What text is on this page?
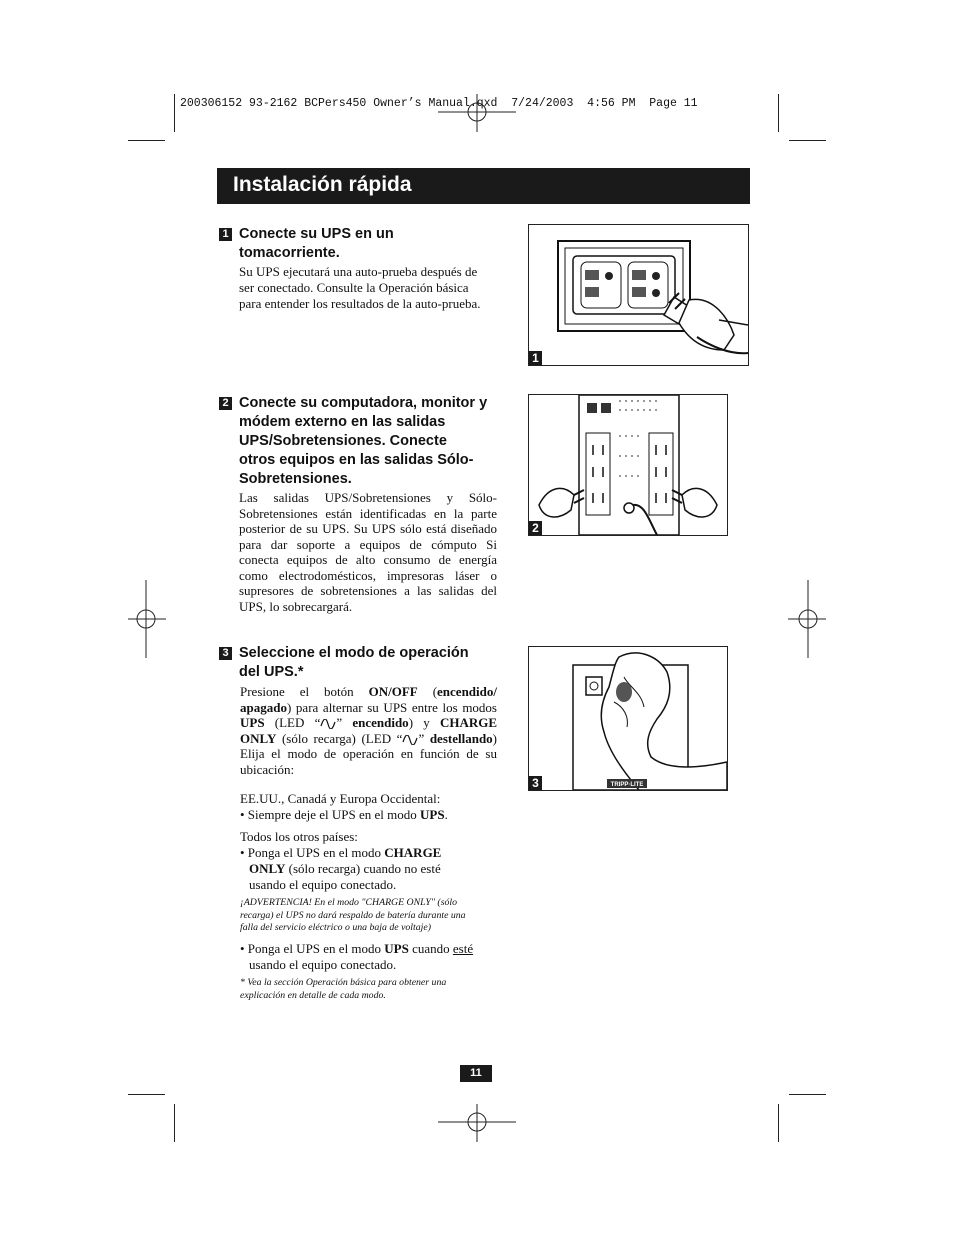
200306152 93-2162 BCPers450 Owner’s Manual.qxd  7/24/2003  4:56 PM  Page 11
Instalación rápida
1 Conecte su UPS en un
tomacorriente.
Su UPS ejecutará una auto-prueba después de
ser conectado. Consulte la Operación básica
para entender los resultados de la auto-prueba.
1
2 Conecte su computadora, monitor y
módem externo en las salidas
UPS/Sobretensiones. Conecte
otros equipos en las salidas Sólo-
Sobretensiones.
Las salidas UPS/Sobretensiones y Sólo-
Sobretensiones están identificadas en la parte
posterior de su UPS. Su UPS sólo está diseñado
para dar soporte a equipos de cómputo Si
conecta equipos de alto consumo de energía
como electrodomésticos, impresoras láser o
supresores de sobretensiones a las salidas del
UPS, lo sobrecargará.
2
3 Seleccione el modo de operación
del UPS.*
Presione el botón ON/OFF (encendido/ apagado) para alternar su UPS entre los modos UPS (LED “ ” encendido) y CHARGE ONLY (sólo recarga) (LED “ ” destellando) Elija el modo de operación en función de su ubicación:
EE.UU., Canadá y Europa Occidental:
• Siempre deje el UPS en el modo UPS.
Todos los otros países:
• Ponga el UPS en el modo CHARGE
ONLY (sólo recarga) cuando no esté
usando el equipo conectado.
¡ADVERTENCIA! En el modo "CHARGE ONLY" (sólo
recarga) el UPS no dará respaldo de batería durante una
falla del servicio eléctrico o una baja de voltaje)
• Ponga el UPS en el modo UPS cuando esté
usando el equipo conectado.
* Vea la sección Operación básica para obtener una
explicación en detalle de cada modo.
TRIPP·LITE
3
11
